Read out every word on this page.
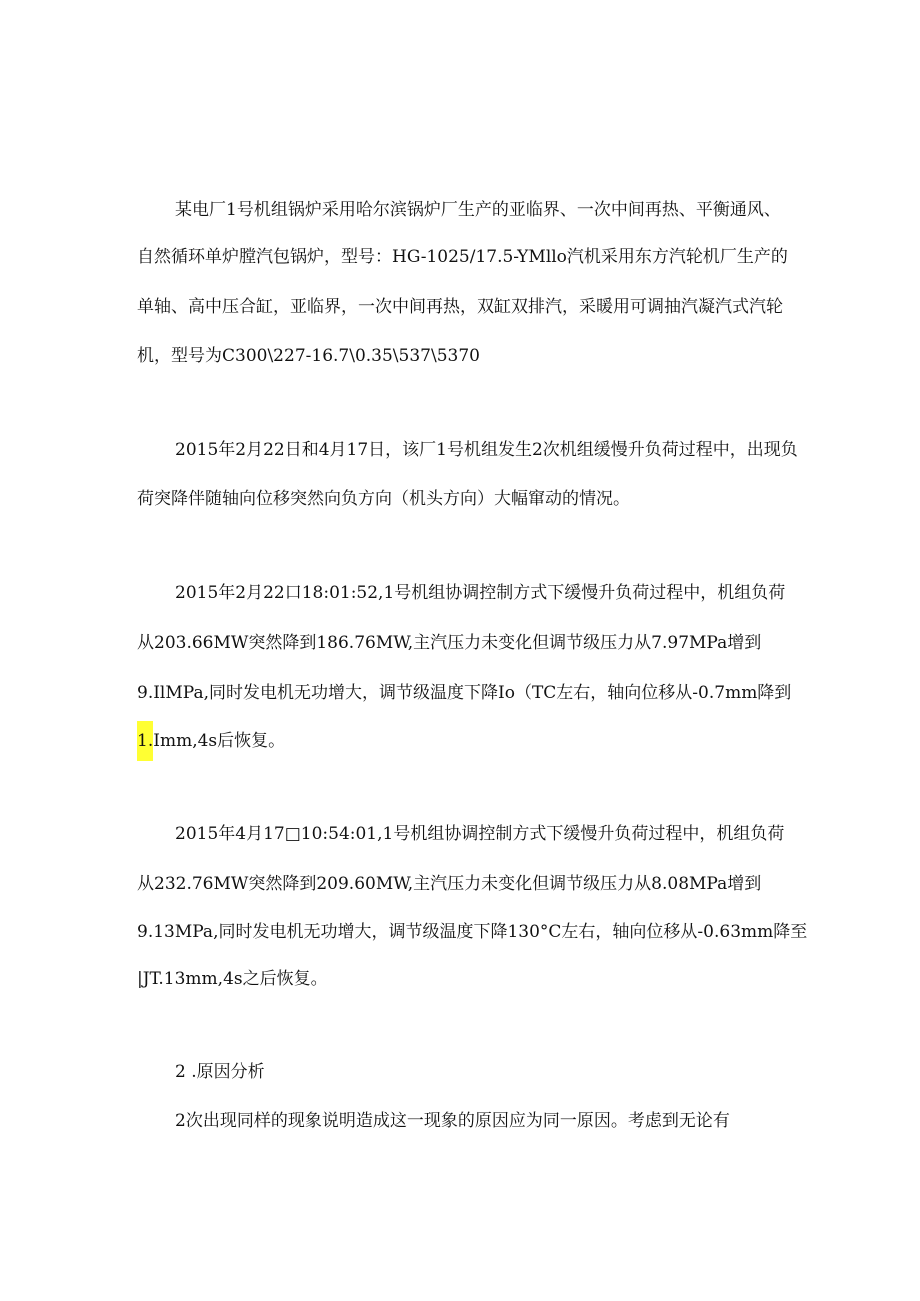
某电厂1号机组锅炉采用哈尔滨锅炉厂生产的亚临界、一次中间再热、平衡通风、
自然循环单炉膛汽包锅炉，型号：HG-1025/17.5-YMllo汽机采用东方汽轮机厂生产的
单轴、高中压合缸，亚临界，一次中间再热，双缸双排汽，采暖用可调抽汽凝汽式汽轮
机，型号为C300\227-16.7\0.35\537\5370
2015年2月22日和4月17日，该厂1号机组发生2次机组缓慢升负荷过程中，出现负
荷突降伴随轴向位移突然向负方向（机头方向）大幅窜动的情况。
2015年2月22口18:01:52,1号机组协调控制方式下缓慢升负荷过程中，机组负荷
从203.66MW突然降到186.76MW,主汽压力未变化但调节级压力从7.97MPa增到
9.IlMPa,同时发电机无功增大，调节级温度下降Io（TC左右，轴向位移从-0.7mm降到
1.Imm,4s后恢复。
2015年4月17□10:54:01,1号机组协调控制方式下缓慢升负荷过程中，机组负荷
从232.76MW突然降到209.60MW,主汽压力未变化但调节级压力从8.08MPa增到
9.13MPa,同时发电机无功增大，调节级温度下降130°C左右，轴向位移从-0.63mm降至
|JT.13mm,4s之后恢复。
2 .原因分析
2次出现同样的现象说明造成这一现象的原因应为同一原因。考虑到无论有
